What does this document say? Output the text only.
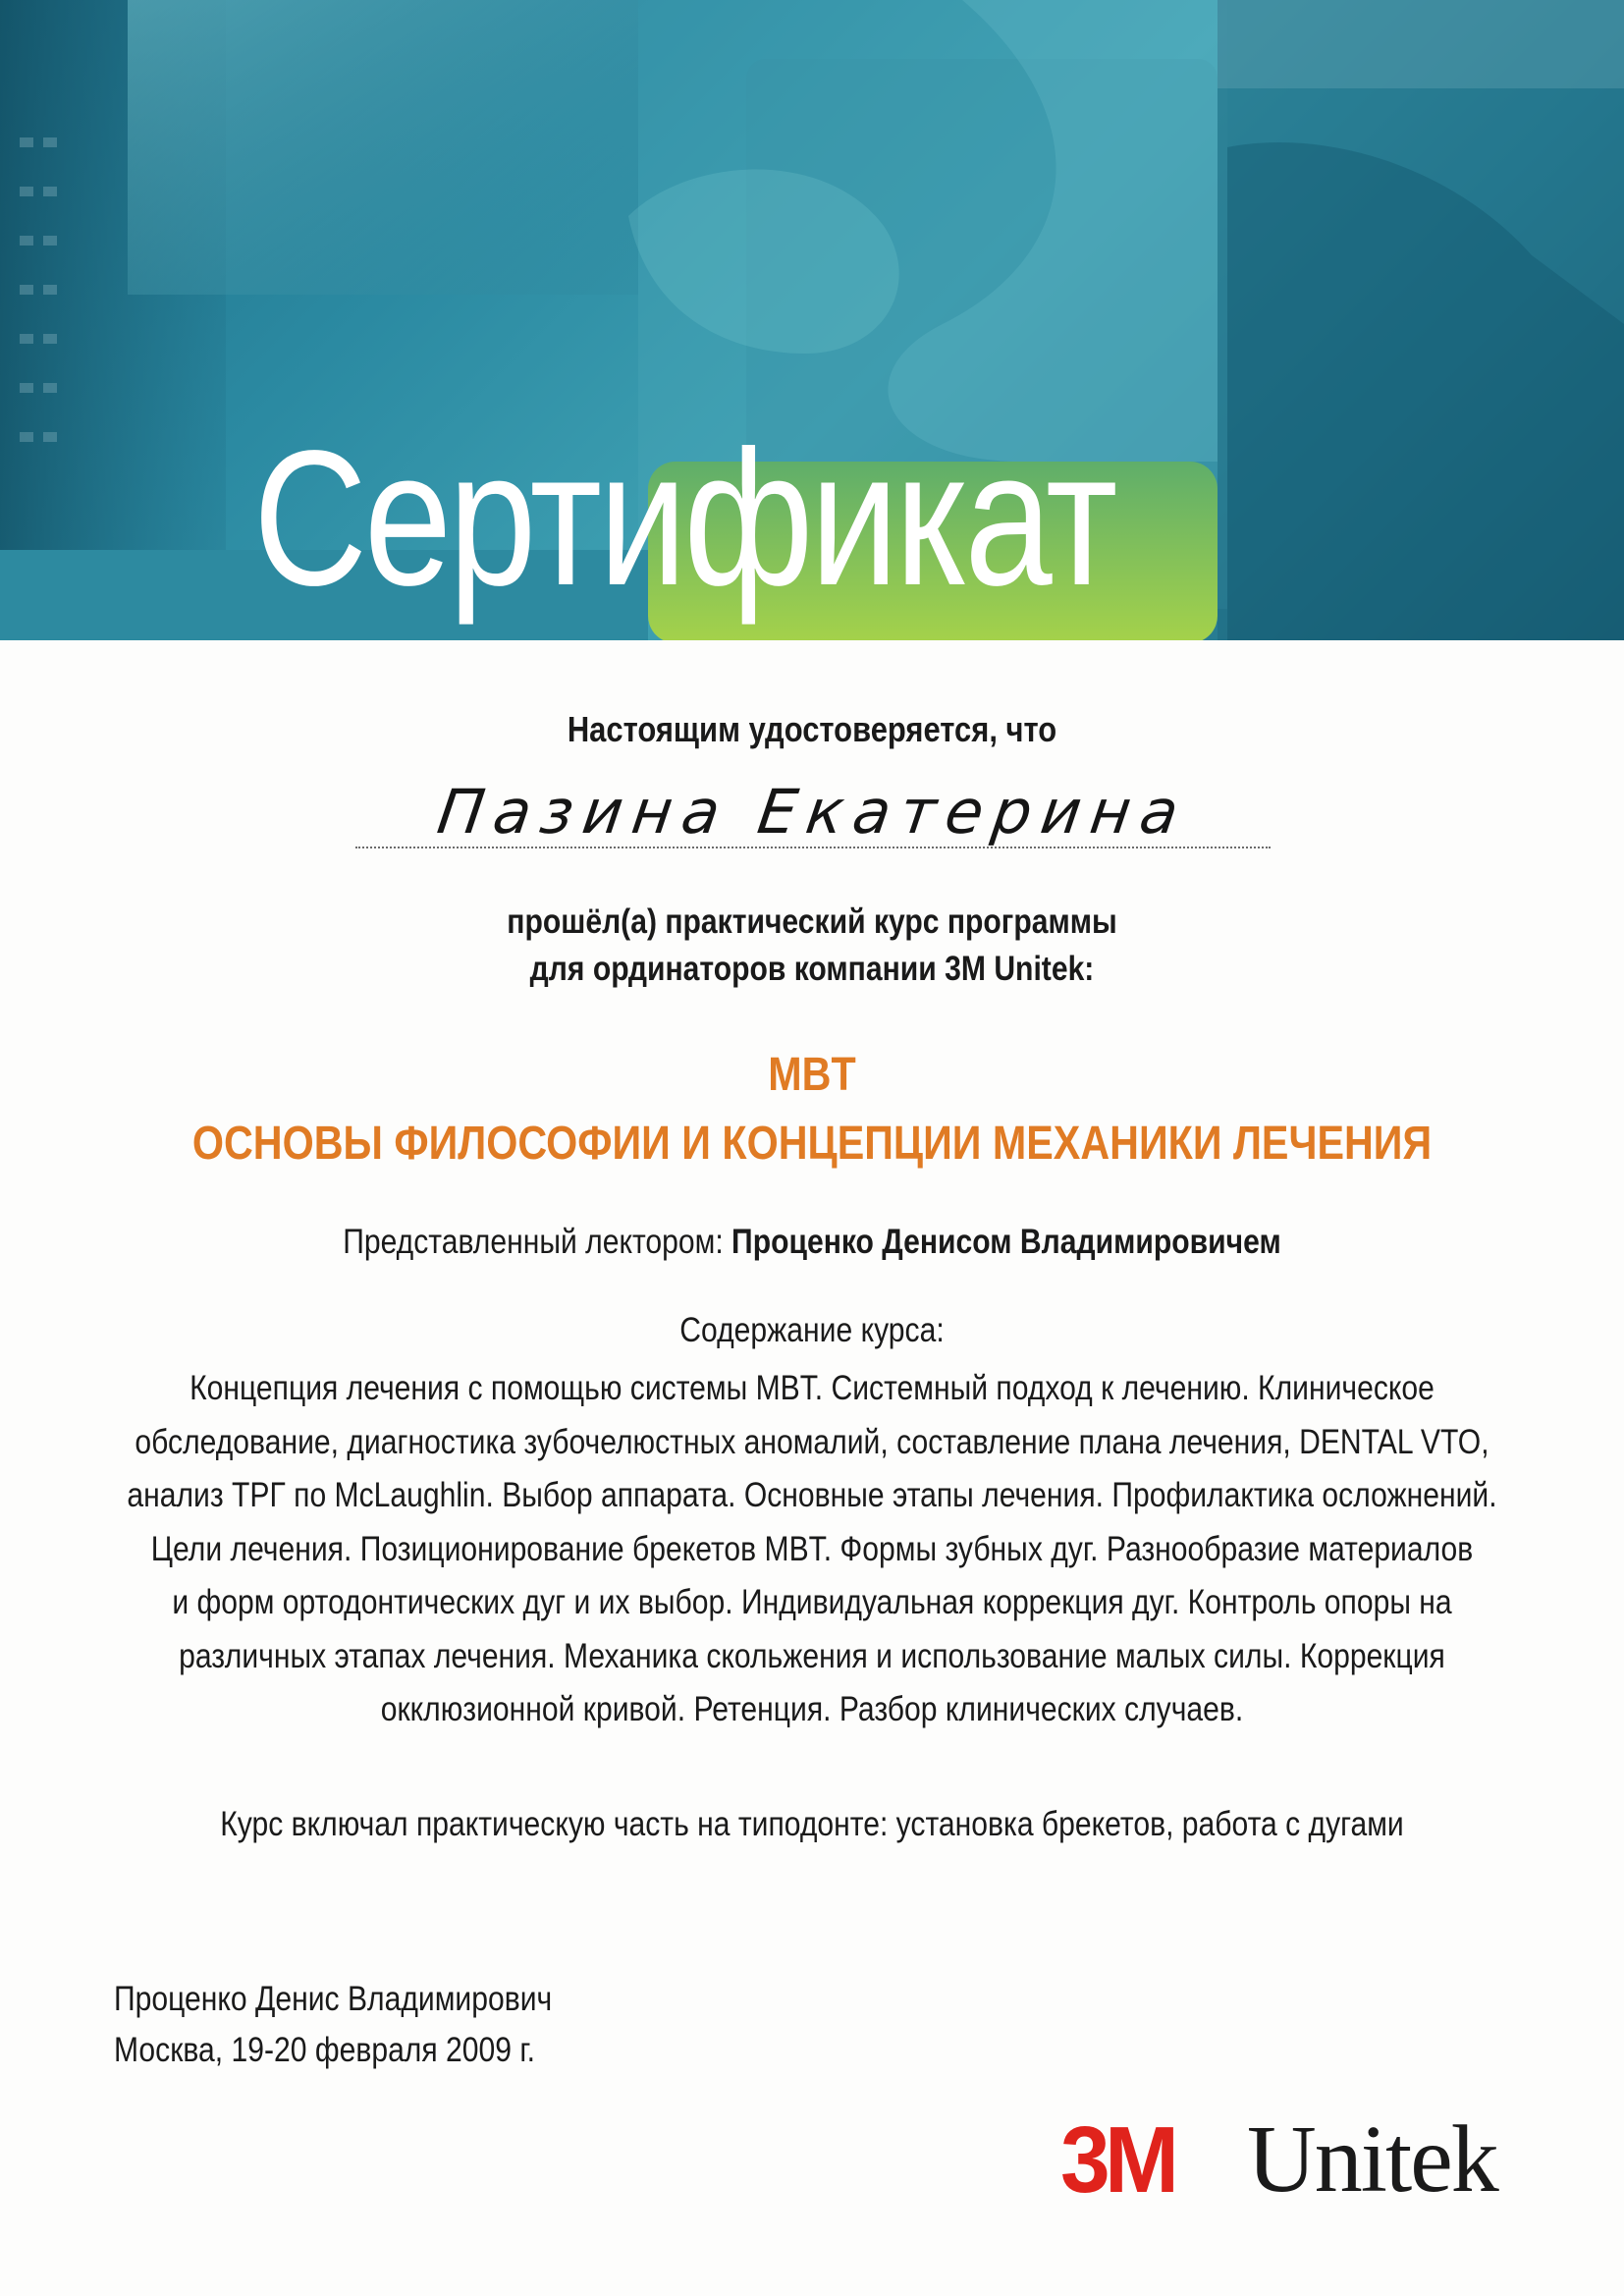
Сертификат
Настоящим удостоверяется, что
Пазина Екатерина
прошёл(а) практический курс программы
для ординаторов компании 3M Unitek:
MBT
ОСНОВЫ ФИЛОСОФИИ И КОНЦЕПЦИИ МЕХАНИКИ ЛЕЧЕНИЯ
Представленный лектором: Проценко Денисом Владимировичем
Содержание курса:
Концепция лечения с помощью системы MBT. Системный подход к лечению. Клиническое
обследование, диагностика зубочелюстных аномалий, составление плана лечения, DENTAL VTO,
анализ ТРГ по McLaughlin. Выбор аппарата. Основные этапы лечения. Профилактика осложнений.
Цели лечения. Позиционирование брекетов MBT. Формы зубных дуг. Разнообразие материалов
и форм ортодонтических дуг и их выбор. Индивидуальная коррекция дуг. Контроль опоры на
различных этапах лечения. Механика скольжения и использование малых силы. Коррекция
окклюзионной кривой. Ретенция. Разбор клинических случаев.
Курс включал практическую часть на типодонте: установка брекетов, работа с дугами
Проценко Денис Владимирович
Москва, 19-20 февраля 2009 г.
3M Unitek
